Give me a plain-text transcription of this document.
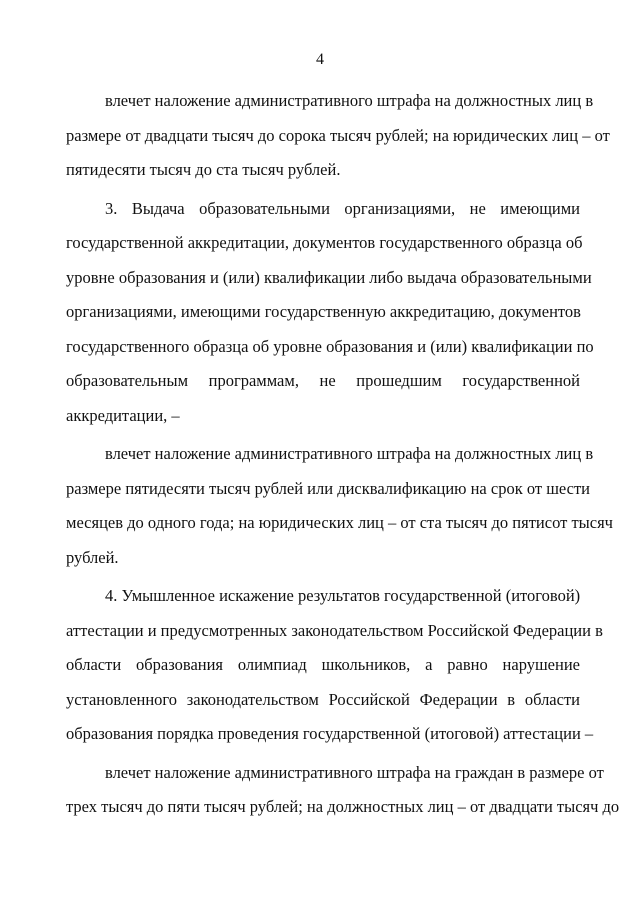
4
влечет наложение административного штрафа на должностных лиц в
размере от двадцати тысяч до сорока тысяч рублей; на юридических лиц – от
пятидесяти тысяч до ста тысяч рублей.
3. Выдача образовательными организациями, не имеющими
государственной аккредитации, документов государственного образца об
уровне образования и (или) квалификации либо выдача образовательными
организациями, имеющими государственную аккредитацию, документов
государственного образца об уровне образования и (или) квалификации по
образовательным программам, не прошедшим государственной
аккредитации, –
влечет наложение административного штрафа на должностных лиц в
размере пятидесяти тысяч рублей или дисквалификацию на срок от шести
месяцев до одного года; на юридических лиц – от ста тысяч до пятисот тысяч
рублей.
4. Умышленное искажение результатов государственной (итоговой)
аттестации и предусмотренных законодательством Российской Федерации в
области образования олимпиад школьников, а равно нарушение
установленного законодательством Российской Федерации в области
образования порядка проведения государственной (итоговой) аттестации –
влечет наложение административного штрафа на граждан в размере от
трех тысяч до пяти тысяч рублей; на должностных лиц – от двадцати тысяч до
